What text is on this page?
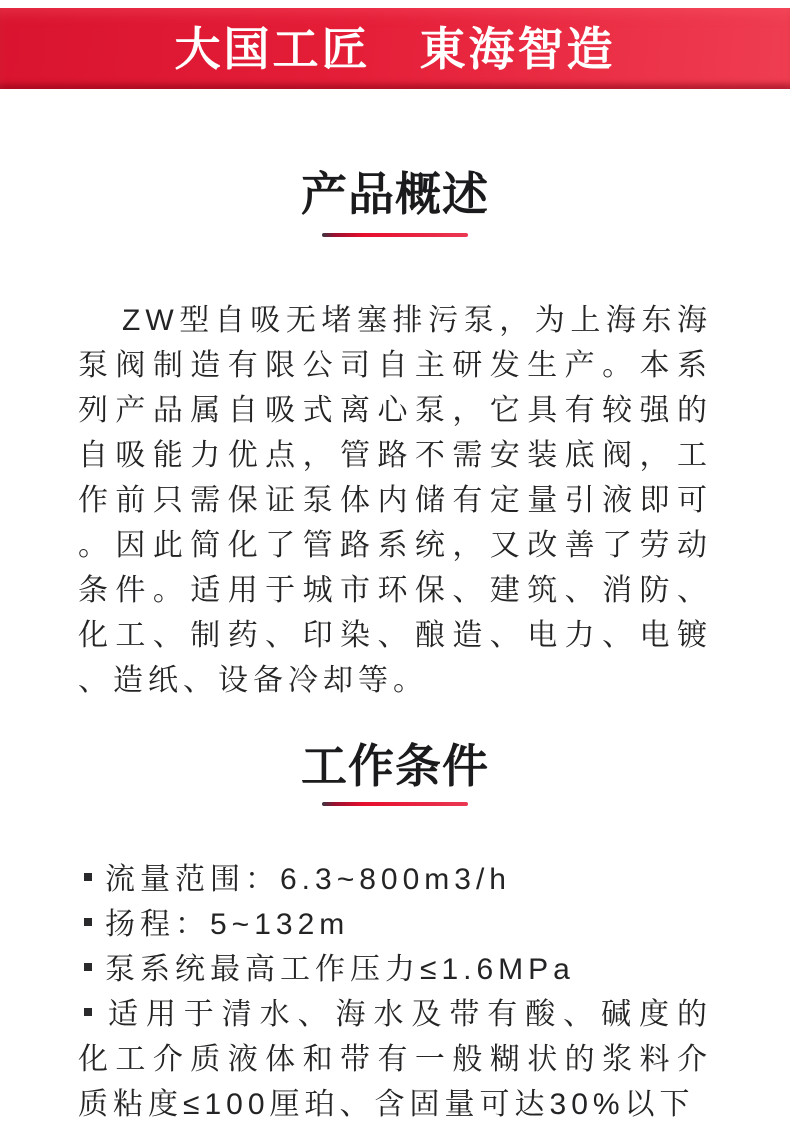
大国工匠　東海智造
产品概述
ZW型自吸无堵塞排污泵，为上海东海
泵阀制造有限公司自主研发生产。本系
列产品属自吸式离心泵，它具有较强的
自吸能力优点，管路不需安装底阀，工
作前只需保证泵体内储有定量引液即可
。因此简化了管路系统，又改善了劳动
条件。适用于城市环保、建筑、消防、
化工、制药、印染、酿造、电力、电镀
、造纸、设备冷却等。
工作条件
流量范围：6.3~800m3/h
扬程：5~132m
泵系统最高工作压力≤1.6MPa
适用于清水、海水及带有酸、碱度的
化工介质液体和带有一般糊状的浆料介
质粘度≤100厘珀、含固量可达30%以下
